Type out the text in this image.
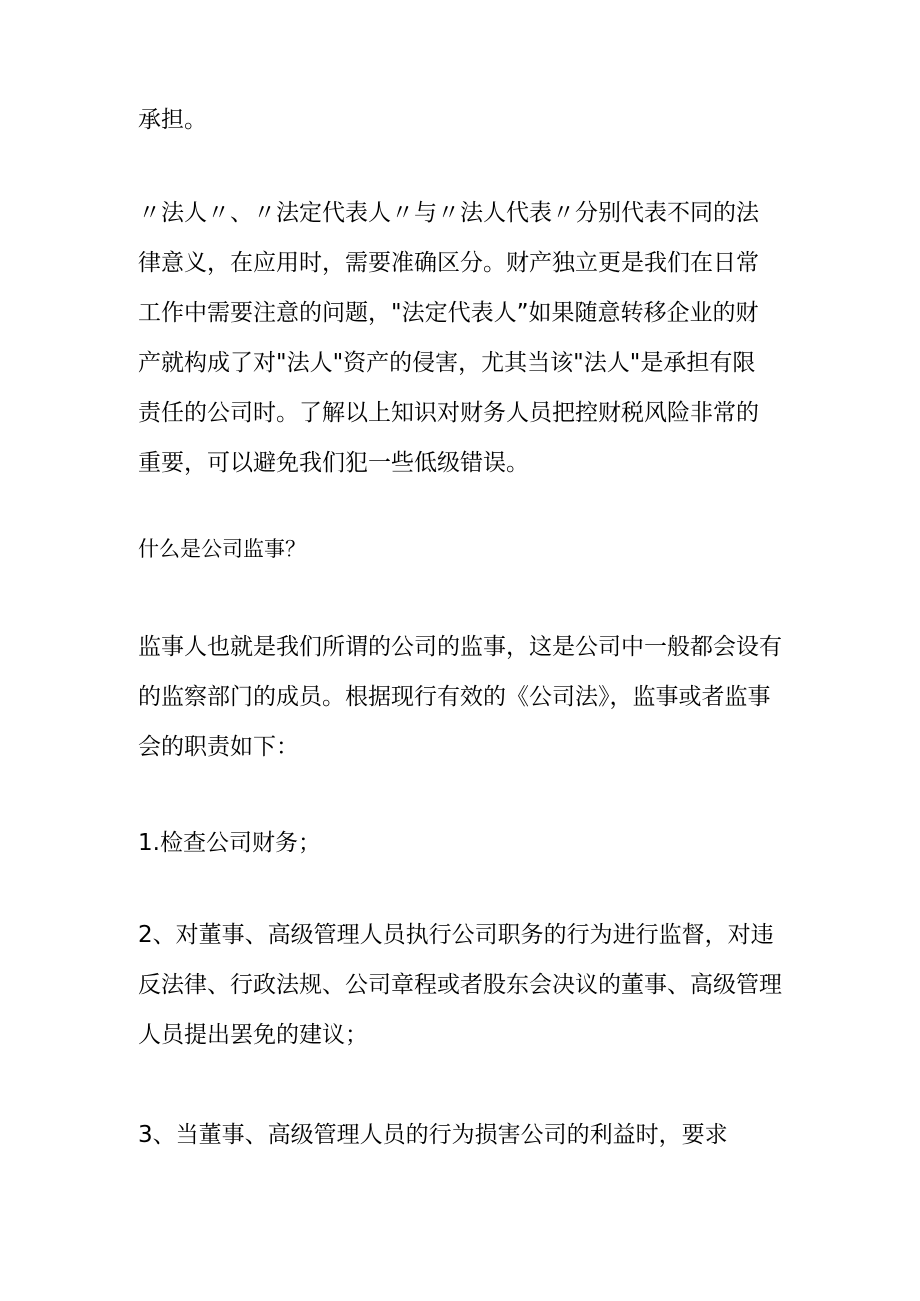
承担。

〃法人〃、〃法定代表人〃与〃法人代表〃分别代表不同的法
律意义，在应用时，需要准确区分。财产独立更是我们在日常
工作中需要注意的问题，"法定代表人”如果随意转移企业的财
产就构成了对"法人"资产的侵害，尤其当该"法人"是承担有限
责任的公司时。了解以上知识对财务人员把控财税风险非常的
重要，可以避免我们犯一些低级错误。

什么是公司监事？

监事人也就是我们所谓的公司的监事，这是公司中一般都会设有
的监察部门的成员。根据现行有效的《公司法》，监事或者监事
会的职责如下：

1.检查公司财务；

2、对董事、高级管理人员执行公司职务的行为进行监督，对违
反法律、行政法规、公司章程或者股东会决议的董事、高级管理
人员提出罢免的建议；

3、当董事、高级管理人员的行为损害公司的利益时，要求
